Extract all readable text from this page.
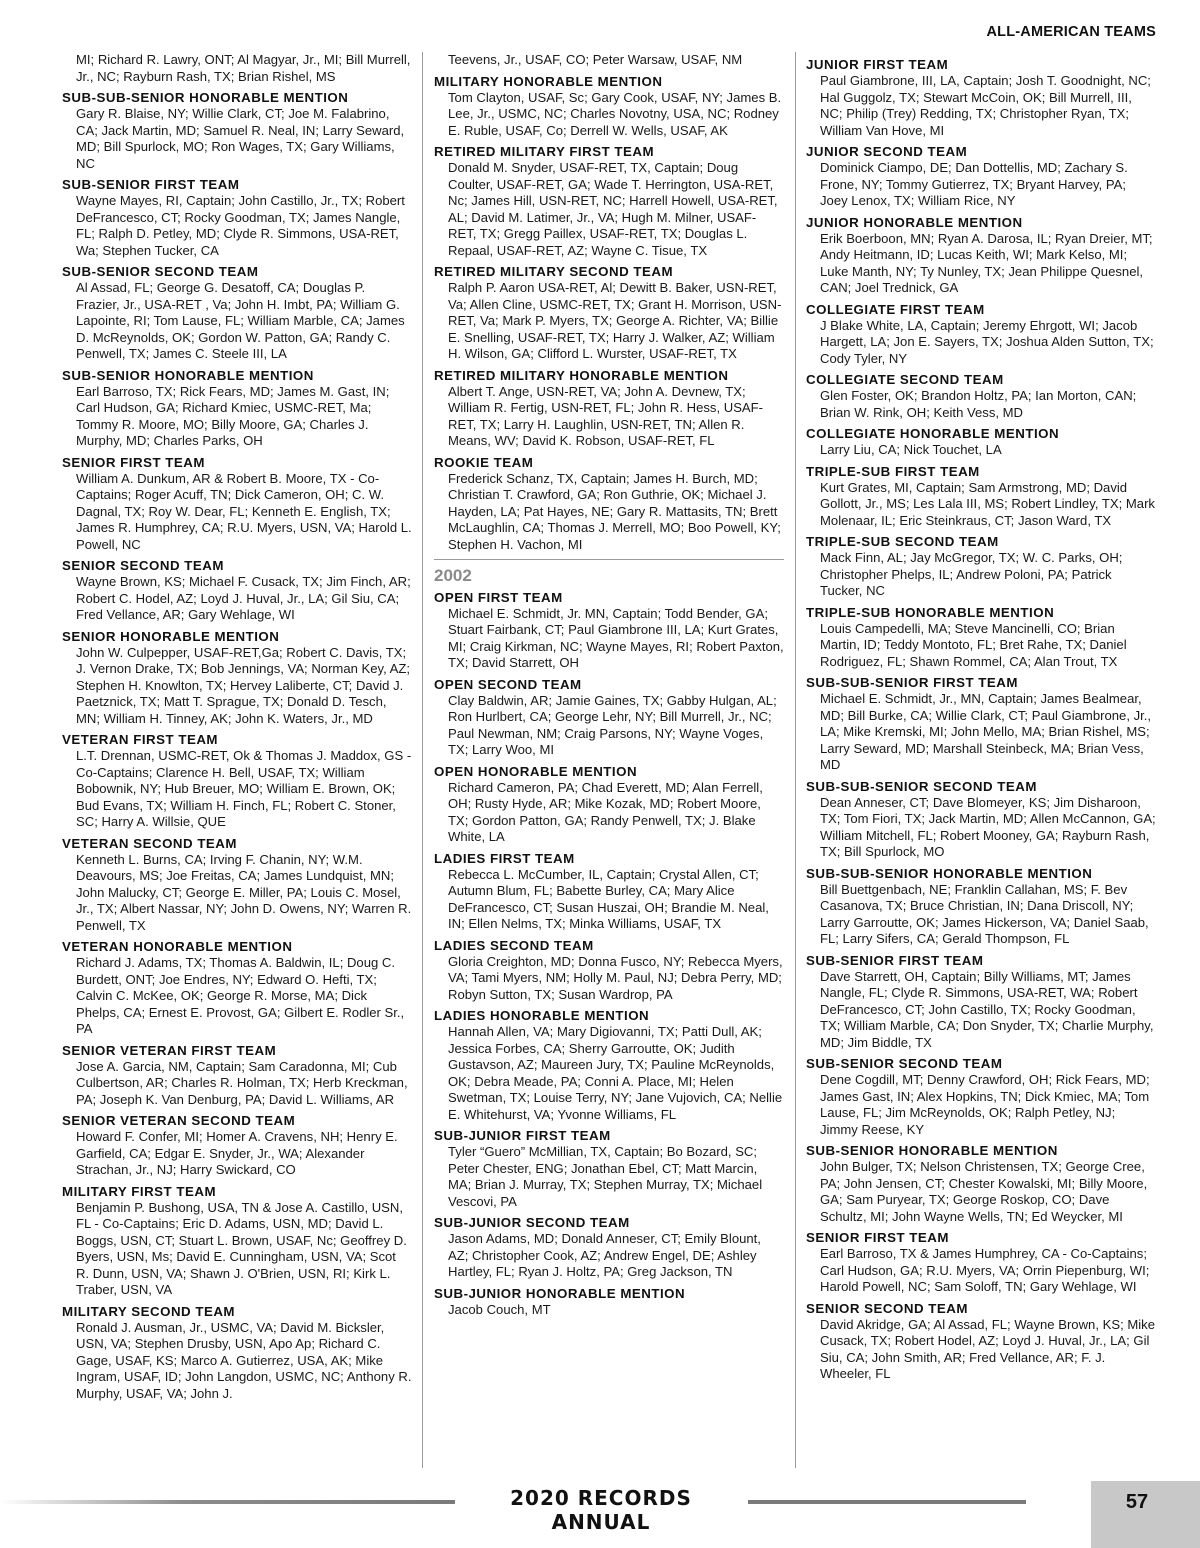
ALL-AMERICAN TEAMS
MI; Richard R. Lawry, ONT; Al Magyar, Jr., MI; Bill Murrell, Jr., NC; Rayburn Rash, TX; Brian Rishel, MS
SUB-SUB-SENIOR HONORABLE MENTION
Gary R. Blaise, NY; Willie Clark, CT; Joe M. Falabrino, CA; Jack Martin, MD; Samuel R. Neal, IN; Larry Seward, MD; Bill Spurlock, MO; Ron Wages, TX; Gary Williams, NC
SUB-SENIOR FIRST TEAM
Wayne Mayes, RI, Captain; John Castillo, Jr., TX; Robert DeFrancesco, CT; Rocky Goodman, TX; James Nangle, FL; Ralph D. Petley, MD; Clyde R. Simmons, USA-RET, Wa; Stephen Tucker, CA
SUB-SENIOR SECOND TEAM
Al Assad, FL; George G. Desatoff, CA; Douglas P. Frazier, Jr., USA-RET , Va; John H. Imbt, PA; William G. Lapointe, RI; Tom Lause, FL; William Marble, CA; James D. McReynolds, OK; Gordon W. Patton, GA; Randy C. Penwell, TX; James C. Steele III, LA
SUB-SENIOR HONORABLE MENTION
Earl Barroso, TX; Rick Fears, MD; James M. Gast, IN; Carl Hudson, GA; Richard Kmiec, USMC-RET, Ma; Tommy R. Moore, MO; Billy Moore, GA; Charles J. Murphy, MD; Charles Parks, OH
SENIOR FIRST TEAM
William A. Dunkum, AR & Robert B. Moore, TX - Co-Captains; Roger Acuff, TN; Dick Cameron, OH; C. W. Dagnal, TX; Roy W. Dear, FL; Kenneth E. English, TX; James R. Humphrey, CA; R.U. Myers, USN, VA; Harold L. Powell, NC
SENIOR SECOND TEAM
Wayne Brown, KS; Michael F. Cusack, TX; Jim Finch, AR; Robert C. Hodel, AZ; Loyd J. Huval, Jr., LA; Gil Siu, CA; Fred Vellance, AR; Gary Wehlage, WI
SENIOR HONORABLE MENTION
John W. Culpepper, USAF-RET,Ga; Robert C. Davis, TX; J. Vernon Drake, TX; Bob Jennings, VA; Norman Key, AZ; Stephen H. Knowlton, TX; Hervey Laliberte, CT; David J. Paetznick, TX; Matt T. Sprague, TX; Donald D. Tesch, MN; William H. Tinney, AK; John K. Waters, Jr., MD
VETERAN FIRST TEAM
L.T. Drennan, USMC-RET, Ok & Thomas J. Maddox, GS - Co-Captains; Clarence H. Bell, USAF, TX; William Bobownik, NY; Hub Breuer, MO; William E. Brown, OK; Bud Evans, TX; William H. Finch, FL; Robert C. Stoner, SC; Harry A. Willsie, QUE
VETERAN SECOND TEAM
Kenneth L. Burns, CA; Irving F. Chanin, NY; W.M. Deavours, MS; Joe Freitas, CA; James Lundquist, MN; John Malucky, CT; George E. Miller, PA; Louis C. Mosel, Jr., TX; Albert Nassar, NY; John D. Owens, NY; Warren R. Penwell, TX
VETERAN HONORABLE MENTION
Richard J. Adams, TX; Thomas A. Baldwin, IL; Doug C. Burdett, ONT; Joe Endres, NY; Edward O. Hefti, TX; Calvin C. McKee, OK; George R. Morse, MA; Dick Phelps, CA; Ernest E. Provost, GA; Gilbert E. Rodler Sr., PA
SENIOR VETERAN FIRST TEAM
Jose A. Garcia, NM, Captain; Sam Caradonna, MI; Cub Culbertson, AR; Charles R. Holman, TX; Herb Kreckman, PA; Joseph K. Van Denburg, PA; David L. Williams, AR
SENIOR VETERAN SECOND TEAM
Howard F. Confer, MI; Homer A. Cravens, NH; Henry E. Garfield, CA; Edgar E. Snyder, Jr., WA; Alexander Strachan, Jr., NJ; Harry Swickard, CO
MILITARY FIRST TEAM
Benjamin P. Bushong, USA, TN & Jose A. Castillo, USN, FL - Co-Captains; Eric D. Adams, USN, MD; David L. Boggs, USN, CT; Stuart L. Brown, USAF, Nc; Geoffrey D. Byers, USN, Ms; David E. Cunningham, USN, VA; Scot R. Dunn, USN, VA; Shawn J. O'Brien, USN, RI; Kirk L. Traber, USN, VA
MILITARY SECOND TEAM
Ronald J. Ausman, Jr., USMC, VA; David M. Bicksler, USN, VA; Stephen Drusby, USN, Apo Ap; Richard C. Gage, USAF, KS; Marco A. Gutierrez, USA, AK; Mike Ingram, USAF, ID; John Langdon, USMC, NC; Anthony R. Murphy, USAF, VA; John J.
Teevens, Jr., USAF, CO; Peter Warsaw, USAF, NM
MILITARY HONORABLE MENTION
Tom Clayton, USAF, Sc; Gary Cook, USAF, NY; James B. Lee, Jr., USMC, NC; Charles Novotny, USA, NC; Rodney E. Ruble, USAF, Co; Derrell W. Wells, USAF, AK
RETIRED MILITARY FIRST TEAM
Donald M. Snyder, USAF-RET, TX, Captain; Doug Coulter, USAF-RET, GA; Wade T. Herrington, USA-RET, Nc; James Hill, USN-RET, NC; Harrell Howell, USA-RET, AL; David M. Latimer, Jr., VA; Hugh M. Milner, USAF-RET, TX; Gregg Paillex, USAF-RET, TX; Douglas L. Repaal, USAF-RET, AZ; Wayne C. Tisue, TX
RETIRED MILITARY SECOND TEAM
Ralph P. Aaron USA-RET, Al; Dewitt B. Baker, USN-RET, Va; Allen Cline, USMC-RET, TX; Grant H. Morrison, USN-RET, Va; Mark P. Myers, TX; George A. Richter, VA; Billie E. Snelling, USAF-RET, TX; Harry J. Walker, AZ; William H. Wilson, GA; Clifford L. Wurster, USAF-RET, TX
RETIRED MILITARY HONORABLE MENTION
Albert T. Ange, USN-RET, VA; John A. Devnew, TX; William R. Fertig, USN-RET, FL; John R. Hess, USAF-RET, TX; Larry H. Laughlin, USN-RET, TN; Allen R. Means, WV; David K. Robson, USAF-RET, FL
ROOKIE TEAM
Frederick Schanz, TX, Captain; James H. Burch, MD; Christian T. Crawford, GA; Ron Guthrie, OK; Michael J. Hayden, LA; Pat Hayes, NE; Gary R. Mattasits, TN; Brett McLaughlin, CA; Thomas J. Merrell, MO; Boo Powell, KY; Stephen H. Vachon, MI
2002
OPEN FIRST TEAM
Michael E. Schmidt, Jr. MN, Captain; Todd Bender, GA; Stuart Fairbank, CT; Paul Giambrone III, LA; Kurt Grates, MI; Craig Kirkman, NC; Wayne Mayes, RI; Robert Paxton, TX; David Starrett, OH
OPEN SECOND TEAM
Clay Baldwin, AR; Jamie Gaines, TX; Gabby Hulgan, AL; Ron Hurlbert, CA; George Lehr, NY; Bill Murrell, Jr., NC; Paul Newman, NM; Craig Parsons, NY; Wayne Voges, TX; Larry Woo, MI
OPEN HONORABLE MENTION
Richard Cameron, PA; Chad Everett, MD; Alan Ferrell, OH; Rusty Hyde, AR; Mike Kozak, MD; Robert Moore, TX; Gordon Patton, GA; Randy Penwell, TX; J. Blake White, LA
LADIES FIRST TEAM
Rebecca L. McCumber, IL, Captain; Crystal Allen, CT; Autumn Blum, FL; Babette Burley, CA; Mary Alice DeFrancesco, CT; Susan Huszai, OH; Brandie M. Neal, IN; Ellen Nelms, TX; Minka Williams, USAF, TX
LADIES SECOND TEAM
Gloria Creighton, MD; Donna Fusco, NY; Rebecca Myers, VA; Tami Myers, NM; Holly M. Paul, NJ; Debra Perry, MD; Robyn Sutton, TX; Susan Wardrop, PA
LADIES HONORABLE MENTION
Hannah Allen, VA; Mary Digiovanni, TX; Patti Dull, AK; Jessica Forbes, CA; Sherry Garroutte, OK; Judith Gustavson, AZ; Maureen Jury, TX; Pauline McReynolds, OK; Debra Meade, PA; Conni A. Place, MI; Helen Swetman, TX; Louise Terry, NY; Jane Vujovich, CA; Nellie E. Whitehurst, VA; Yvonne Williams, FL
SUB-JUNIOR FIRST TEAM
Tyler “Guero” McMillian, TX, Captain; Bo Bozard, SC; Peter Chester, ENG; Jonathan Ebel, CT; Matt Marcin, MA; Brian J. Murray, TX; Stephen Murray, TX; Michael Vescovi, PA
SUB-JUNIOR SECOND TEAM
Jason Adams, MD; Donald Anneser, CT; Emily Blount, AZ; Christopher Cook, AZ; Andrew Engel, DE; Ashley Hartley, FL; Ryan J. Holtz, PA; Greg Jackson, TN
SUB-JUNIOR HONORABLE MENTION
Jacob Couch, MT
JUNIOR FIRST TEAM
Paul Giambrone, III, LA, Captain; Josh T. Goodnight, NC; Hal Guggolz, TX; Stewart McCoin, OK; Bill Murrell, III, NC; Philip (Trey) Redding, TX; Christopher Ryan, TX; William Van Hove, MI
JUNIOR SECOND TEAM
Dominick Ciampo, DE; Dan Dottellis, MD; Zachary S. Frone, NY; Tommy Gutierrez, TX; Bryant Harvey, PA; Joey Lenox, TX; William Rice, NY
JUNIOR HONORABLE MENTION
Erik Boerboon, MN; Ryan A. Darosa, IL; Ryan Dreier, MT; Andy Heitmann, ID; Lucas Keith, WI; Mark Kelso, MI; Luke Manth, NY; Ty Nunley, TX; Jean Philippe Quesnel, CAN; Joel Trednick, GA
COLLEGIATE FIRST TEAM
J Blake White, LA, Captain; Jeremy Ehrgott, WI; Jacob Hargett, LA; Jon E. Sayers, TX; Joshua Alden Sutton, TX; Cody Tyler, NY
COLLEGIATE SECOND TEAM
Glen Foster, OK; Brandon Holtz, PA; Ian Morton, CAN; Brian W. Rink, OH; Keith Vess, MD
COLLEGIATE HONORABLE MENTION
Larry Liu, CA; Nick Touchet, LA
TRIPLE-SUB FIRST TEAM
Kurt Grates, MI, Captain; Sam Armstrong, MD; David Gollott, Jr., MS; Les Lala III, MS; Robert Lindley, TX; Mark Molenaar, IL; Eric Steinkraus, CT; Jason Ward, TX
TRIPLE-SUB SECOND TEAM
Mack Finn, AL; Jay McGregor, TX; W. C. Parks, OH; Christopher Phelps, IL; Andrew Poloni, PA; Patrick Tucker, NC
TRIPLE-SUB HONORABLE MENTION
Louis Campedelli, MA; Steve Mancinelli, CO; Brian Martin, ID; Teddy Montoto, FL; Bret Rahe, TX; Daniel Rodriguez, FL; Shawn Rommel, CA; Alan Trout, TX
SUB-SUB-SENIOR FIRST TEAM
Michael E. Schmidt, Jr., MN, Captain; James Bealmear, MD; Bill Burke, CA; Willie Clark, CT; Paul Giambrone, Jr., LA; Mike Kremski, MI; John Mello, MA; Brian Rishel, MS; Larry Seward, MD; Marshall Steinbeck, MA; Brian Vess, MD
SUB-SUB-SENIOR SECOND TEAM
Dean Anneser, CT; Dave Blomeyer, KS; Jim Disharoon, TX; Tom Fiori, TX; Jack Martin, MD; Allen McCannon, GA; William Mitchell, FL; Robert Mooney, GA; Rayburn Rash, TX; Bill Spurlock, MO
SUB-SUB-SENIOR HONORABLE MENTION
Bill Buettgenbach, NE; Franklin Callahan, MS; F. Bev Casanova, TX; Bruce Christian, IN; Dana Driscoll, NY; Larry Garroutte, OK; James Hickerson, VA; Daniel Saab, FL; Larry Sifers, CA; Gerald Thompson, FL
SUB-SENIOR FIRST TEAM
Dave Starrett, OH, Captain; Billy Williams, MT; James Nangle, FL; Clyde R. Simmons, USA-RET, WA; Robert DeFrancesco, CT; John Castillo, TX; Rocky Goodman, TX; William Marble, CA; Don Snyder, TX; Charlie Murphy, MD; Jim Biddle, TX
SUB-SENIOR SECOND TEAM
Dene Cogdill, MT; Denny Crawford, OH; Rick Fears, MD; James Gast, IN; Alex Hopkins, TN; Dick Kmiec, MA; Tom Lause, FL; Jim McReynolds, OK; Ralph Petley, NJ; Jimmy Reese, KY
SUB-SENIOR HONORABLE MENTION
John Bulger, TX; Nelson Christensen, TX; George Cree, PA; John Jensen, CT; Chester Kowalski, MI; Billy Moore, GA; Sam Puryear, TX; George Roskop, CO; Dave Schultz, MI; John Wayne Wells, TN; Ed Weycker, MI
SENIOR FIRST TEAM
Earl Barroso, TX & James Humphrey, CA - Co-Captains; Carl Hudson, GA; R.U. Myers, VA; Orrin Piepenburg, WI; Harold Powell, NC; Sam Soloff, TN; Gary Wehlage, WI
SENIOR SECOND TEAM
David Akridge, GA; Al Assad, FL; Wayne Brown, KS; Mike Cusack, TX; Robert Hodel, AZ; Loyd J. Huval, Jr., LA; Gil Siu, CA; John Smith, AR; Fred Vellance, AR; F. J. Wheeler, FL
2020 RECORDS ANNUAL
57
